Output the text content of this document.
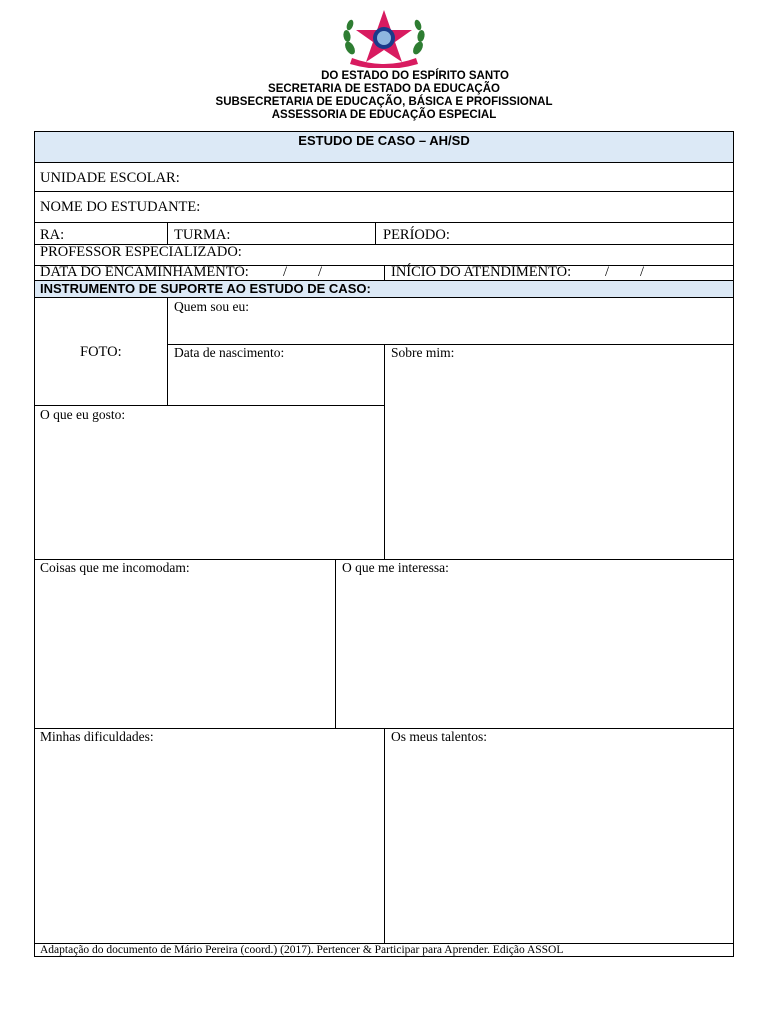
DO ESTADO DO ESPÍRITO SANTO
SECRETARIA DE ESTADO DA EDUCAÇÃO
SUBSECRETARIA DE EDUCAÇÃO, BÁSICA E PROFISSIONAL
ASSESSORIA DE EDUCAÇÃO ESPECIAL
ESTUDO DE CASO – AH/SD
UNIDADE ESCOLAR:
NOME DO ESTUDANTE:
RA:	TURMA:	PERÍODO:
PROFESSOR ESPECIALIZADO:
DATA DO ENCAMINHAMENTO: / /	INÍCIO DO ATENDIMENTO: / /
INSTRUMENTO DE SUPORTE AO ESTUDO DE CASO:
FOTO:
Quem sou eu:
Data de nascimento:	Sobre mim:
O que eu gosto:
Coisas que me incomodam:	O que me interessa:
Minhas dificuldades:	Os meus talentos:
Adaptação do documento de Mário Pereira (coord.) (2017). Pertencer & Participar para Aprender. Edição ASSOL
